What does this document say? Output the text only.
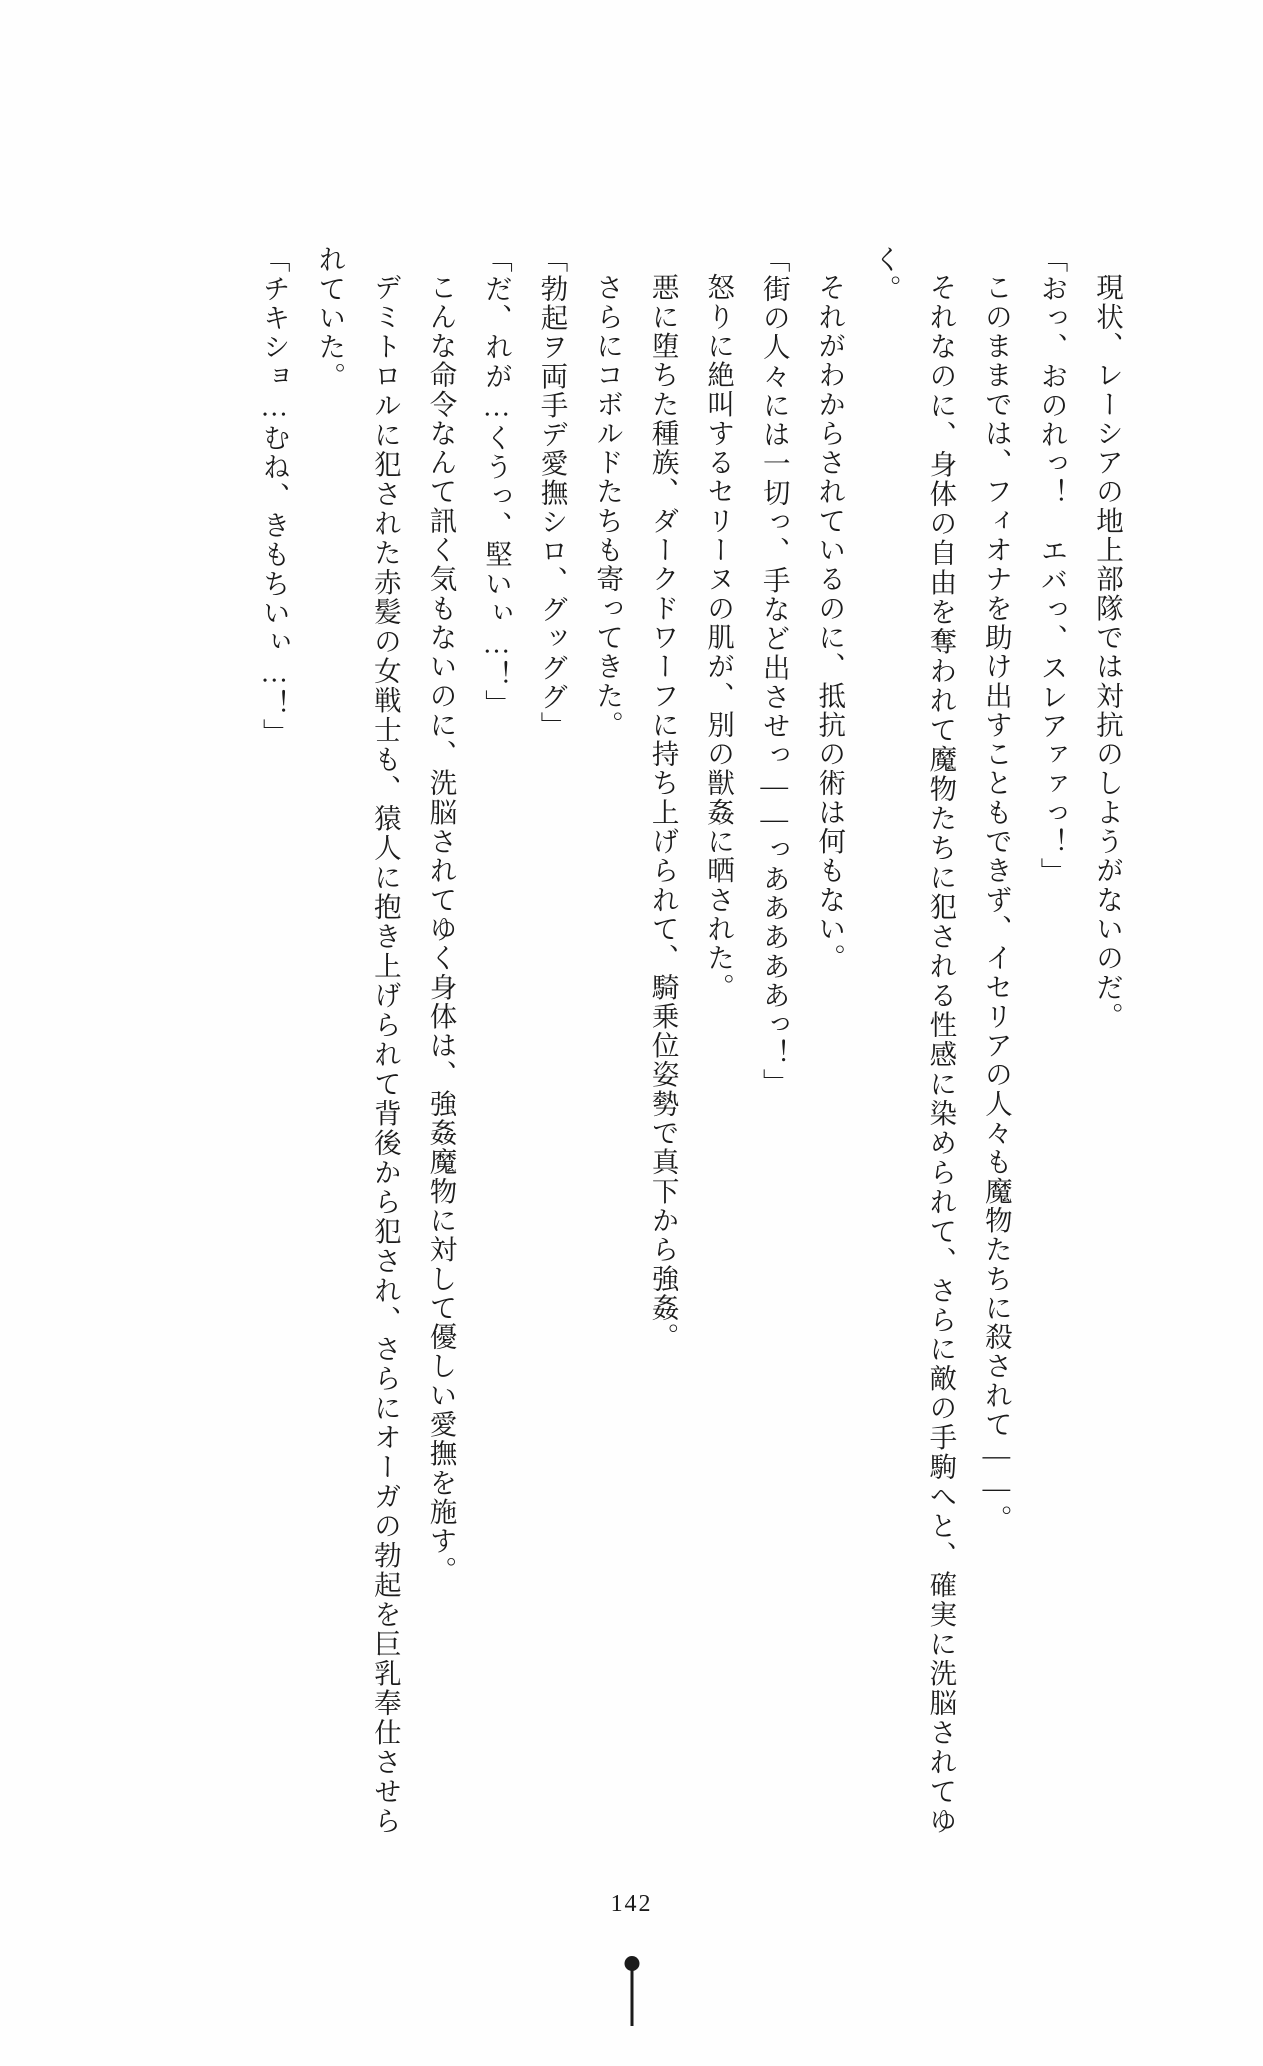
現状、レーシアの地上部隊では対抗のしようがないのだ。

「おっ、おのれっ！　エバっ、スレアァァっ！」

このままでは、フィオナを助け出すこともできず、イセリアの人々も魔物たちに殺されて――。

それなのに、身体の自由を奪われて魔物たちに犯される性感に染められて、さらに敵の手駒へと、確実に洗脳されてゆく。

それがわからされているのに、抵抗の術は何もない。

「街の人々には一切っ、手など出させっ――っあああああっ！」

怒りに絶叫するセリーヌの肌が、別の獣姦に晒された。

悪に堕ちた種族、ダークドワーフに持ち上げられて、騎乗位姿勢で真下から強姦。

さらにコボルドたちも寄ってきた。

「勃起ヲ両手デ愛撫シロ、グッググ」

「だ、れが…くうっ、堅いぃ…！」

こんな命令なんて訊く気もないのに、洗脳されてゆく身体は、強姦魔物に対して優しい愛撫を施す。

デミトロルに犯された赤髪の女戦士も、猿人に抱き上げられて背後から犯され、さらにオーガの勃起を巨乳奉仕させられていた。

「チキショ…むね、きもちいぃ…！」

142
